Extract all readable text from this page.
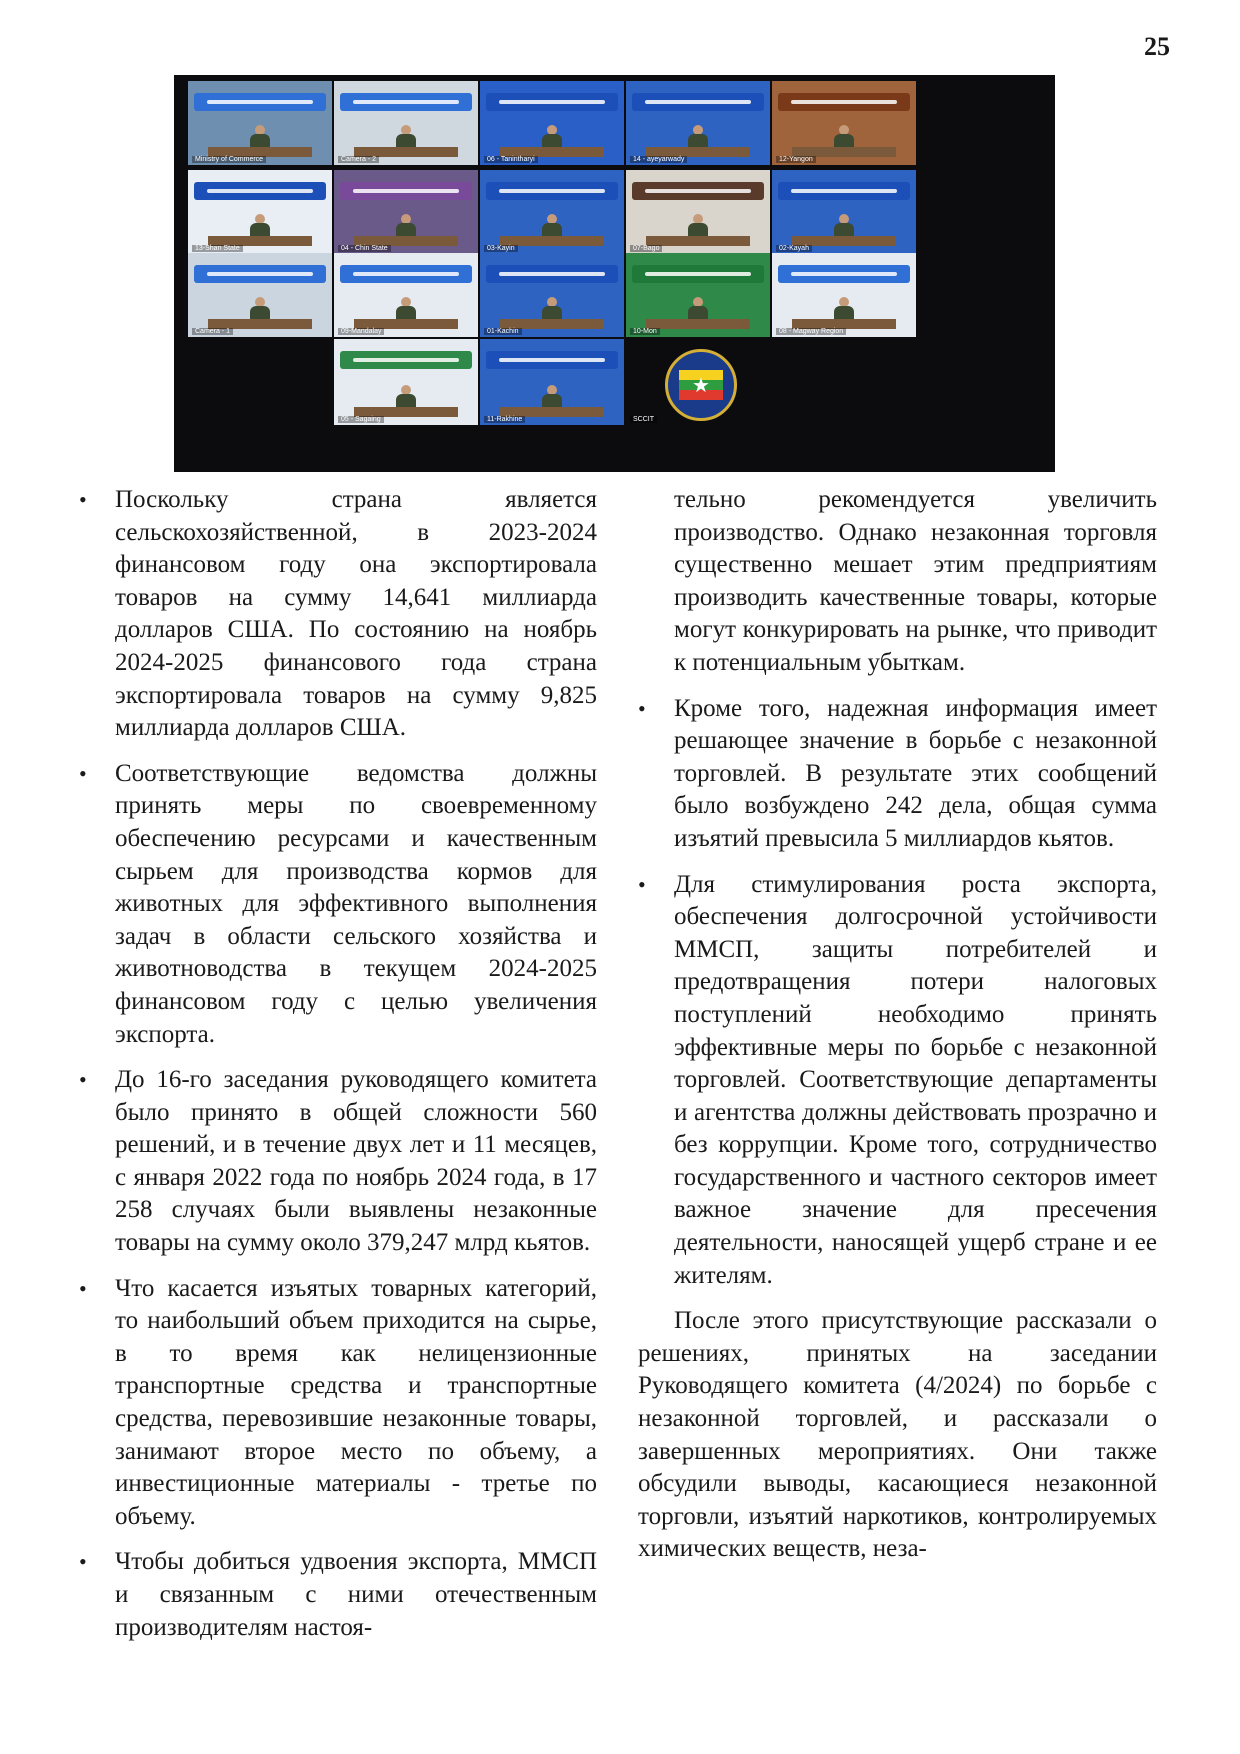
25
Ministry of Commerce	Camera - 2	06 - Tanintharyi	14 - ayeyarwady	12-Yangon
13-Shan State	04 - Chin State	03-Kayin	07-Bago	02-Kayah
Camera - 1	09-Mandalay	01-Kachin	10-Mon	08 - Magway Region
05 - Sagaing	11-Rakhine	SCCIT
★
• Поскольку страна является сельскохозяйственной, в 2023-2024 финансовом году она экспортировала товаров на сумму 14,641 миллиарда долларов США. По состоянию на ноябрь 2024-2025 финансового года страна экспортировала товаров на сумму 9,825 миллиарда долларов США.
• Соответствующие ведомства должны принять меры по своевременному обеспечению ресурсами и качественным сырьем для производства кормов для животных для эффективного выполнения задач в области сельского хозяйства и животноводства в текущем 2024-2025 финансовом году с целью увеличения экспорта.
• До 16-го заседания руководящего комитета было принято в общей сложности 560 решений, и в течение двух лет и 11 месяцев, с января 2022 года по ноябрь 2024 года, в 17 258 случаях были выявлены незаконные товары на сумму около 379,247 млрд кьятов.
• Что касается изъятых товарных категорий, то наибольший объем приходится на сырье, в то время как нелицензионные транспортные средства и транспортные средства, перевозившие незаконные товары, занимают второе место по объему, а инвестиционные материалы - третье по объему.
• Чтобы добиться удвоения экспорта, ММСП и связанным с ними отечественным производителям настоя-
тельно рекомендуется увеличить производство. Однако незаконная торговля существенно мешает этим предприятиям производить качественные товары, которые могут конкурировать на рынке, что приводит к потенциальным убыткам.
• Кроме того, надежная информация имеет решающее значение в борьбе с незаконной торговлей. В результате этих сообщений было возбуждено 242 дела, общая сумма изъятий превысила 5 миллиардов кьятов.
• Для стимулирования роста экспорта, обеспечения долгосрочной устойчивости ММСП, защиты потребителей и предотвращения потери налоговых поступлений необходимо принять эффективные меры по борьбе с незаконной торговлей. Соответствующие департаменты и агентства должны действовать прозрачно и без коррупции. Кроме того, сотрудничество государственного и частного секторов имеет важное значение для пресечения деятельности, наносящей ущерб стране и ее жителям.

После этого присутствующие рассказали о решениях, принятых на заседании Руководящего комитета (4/2024) по борьбе с незаконной торговлей, и рассказали о завершенных мероприятиях. Они также обсудили выводы, касающиеся незаконной торговли, изъятий наркотиков, контролируемых химических веществ, неза-
